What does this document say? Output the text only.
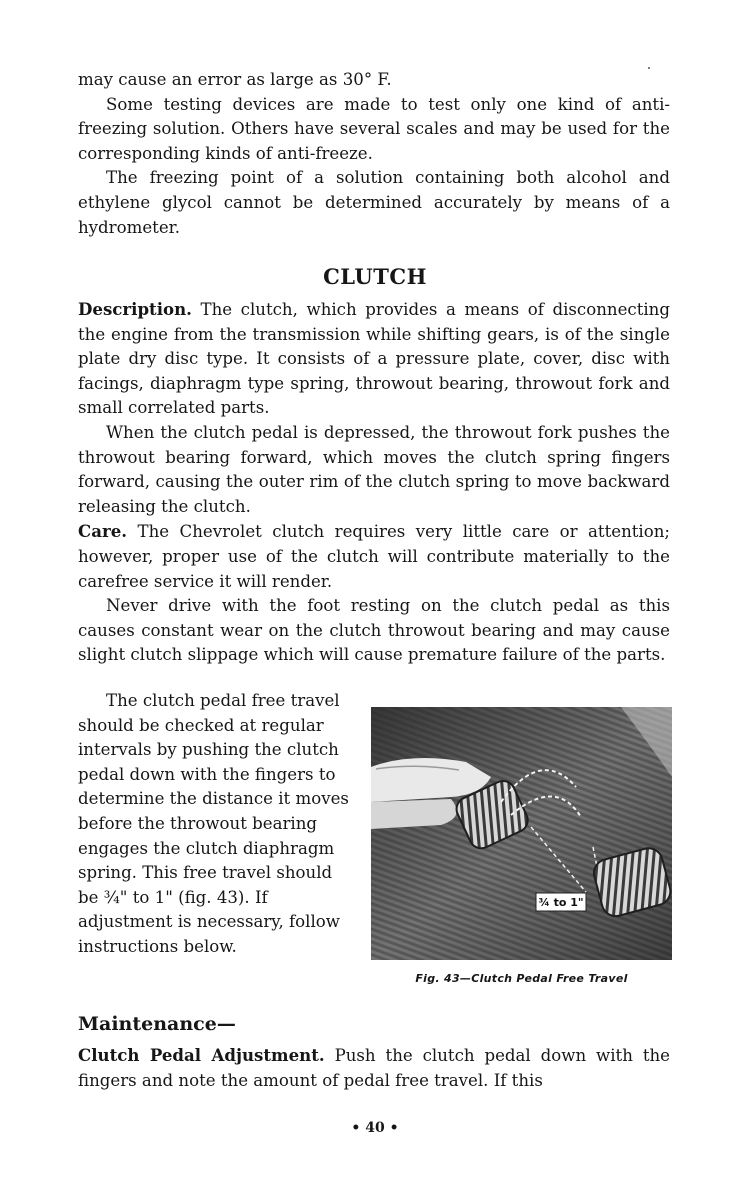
may cause an error as large as 30° F.

Some testing devices are made to test only one kind of anti-freezing solution. Others have several scales and may be used for the corresponding kinds of anti-freeze.

The freezing point of a solution containing both alcohol and ethylene glycol cannot be determined accurately by means of a hydrometer.

CLUTCH

Description. The clutch, which provides a means of disconnecting the engine from the transmission while shifting gears, is of the single plate dry disc type. It consists of a pressure plate, cover, disc with facings, diaphragm type spring, throwout bearing, throwout fork and small correlated parts.

When the clutch pedal is depressed, the throwout fork pushes the throwout bearing forward, which moves the clutch spring fingers forward, causing the outer rim of the clutch spring to move backward releasing the clutch.

Care. The Chevrolet clutch requires very little care or attention; however, proper use of the clutch will contribute materially to the carefree service it will render.

Never drive with the foot resting on the clutch pedal as this causes constant wear on the clutch throwout bearing and may cause slight clutch slippage which will cause premature failure of the parts.

The clutch pedal free travel should be checked at regular intervals by pushing the clutch pedal down with the fingers to determine the distance it moves before the throwout bearing engages the clutch diaphragm spring. This free travel should be ¾" to 1" (fig. 43). If adjustment is necessary, follow instructions below.

¾ to 1"
Fig. 43—Clutch Pedal Free Travel
Maintenance—

Clutch Pedal Adjustment. Push the clutch pedal down with the fingers and note the amount of pedal free travel. If this

• 40 •
